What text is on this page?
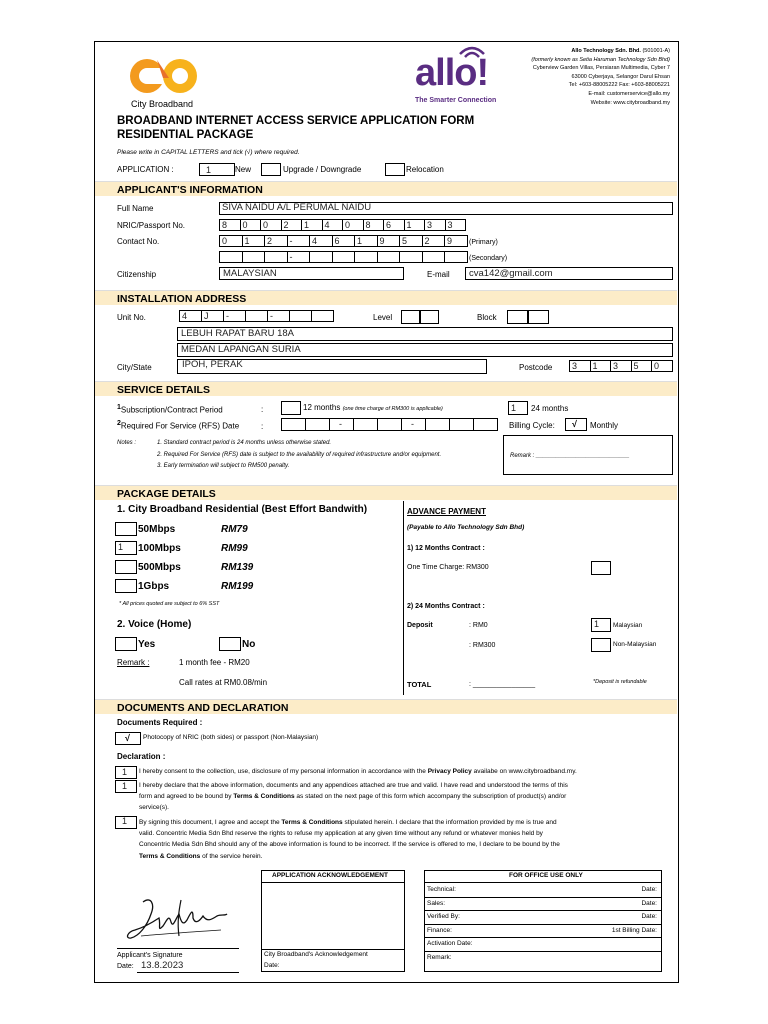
City Broadband
allo!
The Smarter Connection
Allo Technology Sdn. Bhd. (501001-A)
(formerly known as Setia Haruman Technology Sdn Bhd)
Cyberview Garden Villas, Persiaran Multimedia, Cyber 7
63000 Cyberjaya, Selangor Darul Ehsan
Tel: +603-88005222 Fax: +603-88005221
E-mail: customerservice@allo.my
Website: www.citybroadband.my
BROADBAND INTERNET ACCESS SERVICE APPLICATION FORM
RESIDENTIAL PACKAGE
Please write in CAPITAL LETTERS and tick (√) where required.
APPLICATION :	1	New	Upgrade / Downgrade	Relocation
APPLICANT'S INFORMATION
Full Name	SIVA NAIDU A/L PERUMAL NAIDU
NRIC/Passport No.	8	0	0	2	1	4	0	8	6	1	3	3
Contact No.	0	1	2	-	4	6	1	9	5	2	9	(Primary)
-	(Secondary)
Citizenship	MALAYSIAN	E-mail	cva142@gmail.com
INSTALLATION ADDRESS
Unit No.	4	J	-	-	Level	Block
LEBUH RAPAT BARU 18A
MEDAN LAPANGAN SURIA
City/State	IPOH, PERAK	Postcode	3	1	3	5	0
SERVICE DETAILS
$^1$Subscription/Contract Period	:	12 months (one time charge of RM300 is applicable)	1	24 months
$^2$Required For Service (RFS) Date	:	-	-	Billing Cycle:	√	Monthly
Notes :	1. Standard contract period is 24 months unless otherwise stated.
2. Required For Service (RFS) date is subject to the availability of required infrastructure and/or equipment.
3. Early termination will subject to RM500 penalty.
Remark : ____________________________
PACKAGE DETAILS
1. City Broadband Residential (Best Effort Bandwith)
50Mbps	RM79
1	100Mbps	RM99
500Mbps	RM139
1Gbps	RM199
* All prices quoted are subject to 6% SST
2. Voice (Home)
Yes	No
Remark :	1 month fee - RM20
Call rates at RM0.08/min
ADVANCE PAYMENT
(Payable to Allo Technology Sdn Bhd)
1) 12 Months Contract :
One Time Charge: RM300
2) 24 Months Contract :
Deposit	: RM0	1	Malaysian
: RM300	Non-Malaysian
TOTAL	: ________________	*Deposit is refundable
DOCUMENTS AND DECLARATION
Documents Required :
√	Photocopy of NRIC (both sides) or passport (Non-Malaysian)
Declaration :
1	I hereby consent to the collection, use, disclosure of my personal information in accordance with the Privacy Policy availabe on www.citybroadband.my.
1	I hereby declare that the above information, documents and any appendices attached are true and valid. I have read and understood the terms of this
form and agreed to be bound by Terms & Conditions as stated on the next page of this form which accompany the subscription of product(s) and/or
service(s).
1	By signing this document, I agree and accept the Terms & Conditions stipulated herein. I declare that the information provided by me is true and
valid. Concentric Media Sdn Bhd reserve the rights to refuse my application at any given time without any refund or whatever monies held by
Concentric Media Sdn Bhd should any of the above information is found to be incorrect. If the service is offered to me, I declare to be bound by the
Terms & Conditions of the service herein.
Applicant's Signature
Date: 13.8.2023
APPLICATION ACKNOWLEDGEMENT
City Broadband's Acknowledgement
Date:
FOR OFFICE USE ONLY
Technical:	Date:
Sales:	Date:
Verified By:	Date:
Finance:	1st Billing Date:
Activation Date:
Remark:
